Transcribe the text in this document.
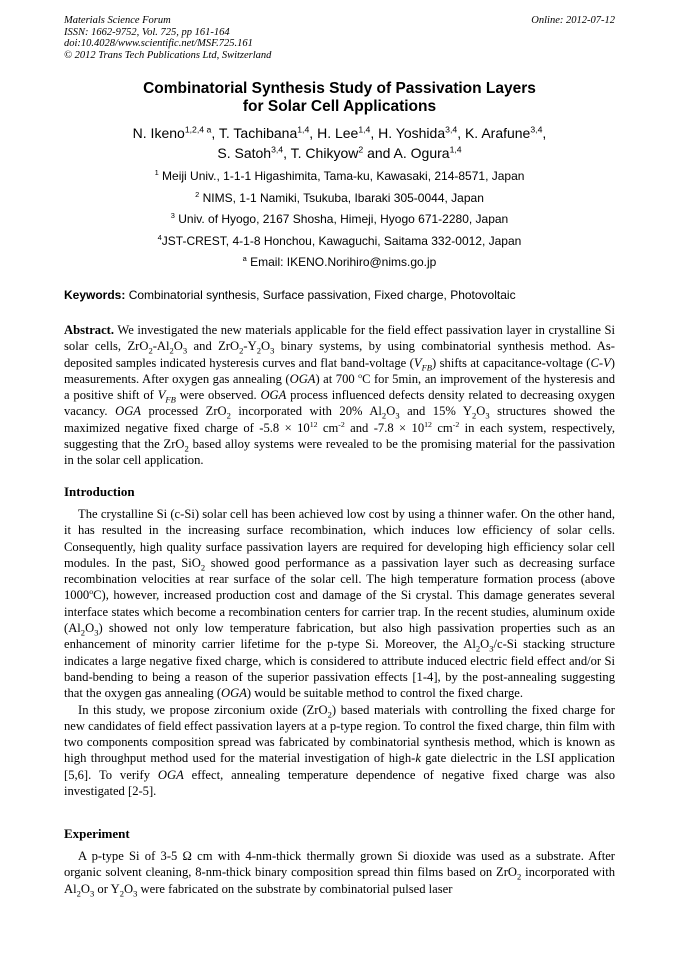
Materials Science Forum
ISSN: 1662-9752, Vol. 725, pp 161-164
doi:10.4028/www.scientific.net/MSF.725.161
© 2012 Trans Tech Publications Ltd, Switzerland
Online: 2012-07-12
Combinatorial Synthesis Study of Passivation Layers
for Solar Cell Applications
N. Ikeno$^{1,2,4 a}$, T. Tachibana$^{1,4}$, H. Lee$^{1,4}$, H. Yoshida$^{3,4}$, K. Arafune$^{3,4}$,
S. Satoh$^{3,4}$, T. Chikyow$^2$ and A. Ogura$^{1,4}$
$^1$ Meiji Univ., 1-1-1 Higashimita, Tama-ku, Kawasaki, 214-8571, Japan
$^2$ NIMS, 1-1 Namiki, Tsukuba, Ibaraki 305-0044, Japan
$^3$ Univ. of Hyogo, 2167 Shosha, Himeji, Hyogo 671-2280, Japan
$^4$JST-CREST, 4-1-8 Honchou, Kawaguchi, Saitama 332-0012, Japan
$^a$ Email: IKENO.Norihiro@nims.go.jp
Keywords: Combinatorial synthesis, Surface passivation, Fixed charge, Photovoltaic

Abstract. We investigated the new materials applicable for the field effect passivation layer in crystalline Si solar cells, $ZrO_2-Al_2O_3$ and $ZrO_2-Y_2O_3$ binary systems, by using combinatorial synthesis method. As-deposited samples indicated hysteresis curves and flat band-voltage $(V_{FB})$ shifts at capacitance-voltage (C-V) measurements. After oxygen gas annealing (OGA) at 700 $^o$C for 5min, an improvement of the hysteresis and a positive shift of $V_{FB}$ were observed. OGA process influenced defects density related to decreasing oxygen vacancy. OGA processed ZrO$_2$ incorporated with 20% $Al_2O_3$ and 15% $Y_2O_3$ structures showed the maximized negative fixed charge of $-5.8 \times 10^{12}$ $cm^{-2}$ and $-7.8 \times 10^{12}$ $cm^{-2}$ in each system, respectively, suggesting that the ZrO$_2$ based alloy systems were revealed to be the promising material for the passivation in the solar cell application.

Introduction

The crystalline Si (c-Si) solar cell has been achieved low cost by using a thinner wafer. On the other hand, it has resulted in the increasing surface recombination, which induces low efficiency of solar cells. Consequently, high quality surface passivation layers are required for developing high efficiency solar cell modules. In the past, SiO$_2$ showed good performance as a passivation layer such as decreasing surface recombination velocities at rear surface of the solar cell. The high temperature formation process (above 1000$^o$C), however, increased production cost and damage of the Si crystal. This damage generates several interface states which become a recombination centers for carrier trap. In the recent studies, aluminum oxide $(Al_2O_3)$ showed not only low temperature fabrication, but also high passivation properties such as an enhancement of minority carrier lifetime for the p-type Si. Moreover, the $Al_2O_3/c-Si$ stacking structure indicates a large negative fixed charge, which is considered to attribute induced electric field effect and/or Si band-bending to being a reason of the superior passivation effects [1-4], by the post-annealing suggesting that the oxygen gas annealing (OGA) would be suitable method to control the fixed charge.

In this study, we propose zirconium oxide (ZrO$_2$) based materials with controlling the fixed charge for new candidates of field effect passivation layers at a p-type region. To control the fixed charge, thin film with two components composition spread was fabricated by combinatorial synthesis method, which is known as high throughput method used for the material investigation of high-k gate dielectric in the LSI application [5,6]. To verify OGA effect, annealing temperature dependence of negative fixed charge was also investigated [2-5].

Experiment

A p-type Si of 3-5 Ω cm with 4-nm-thick thermally grown Si dioxide was used as a substrate. After organic solvent cleaning, 8-nm-thick binary composition spread thin films based on ZrO$_2$ incorporated with $Al_2O_3$ or $Y_2O_3$ were fabricated on the substrate by combinatorial pulsed laser
